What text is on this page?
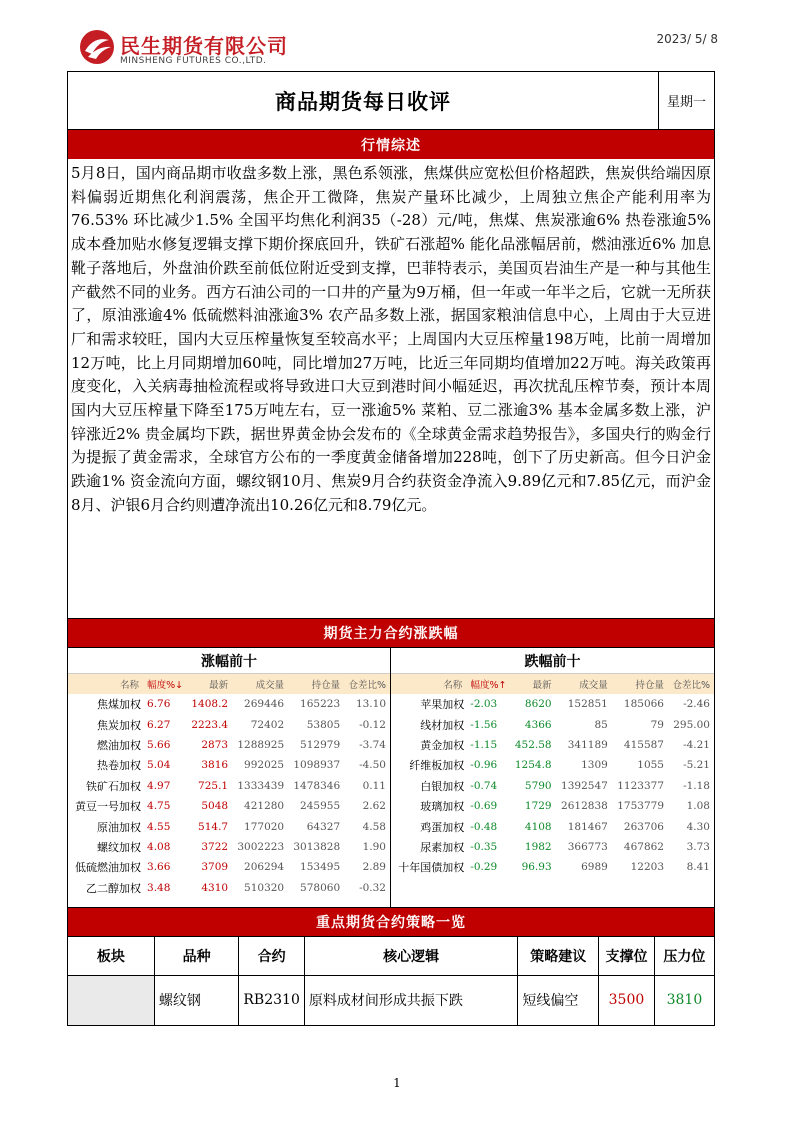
民生期货有限公司
MINSHENG FUTURES CO.,LTD.
2023/ 5/ 8
商品期货每日收评	星期一
行情综述
5月8日，国内商品期市收盘多数上涨，黑色系领涨，焦煤供应宽松但价格超跌，焦炭供给端因原料偏弱近期焦化利润震荡，焦企开工微降，焦炭产量环比减少，上周独立焦企产能利用率为76.53% 环比减少1.5% 全国平均焦化利润35（-28）元/吨，焦煤、焦炭涨逾6% 热卷涨逾5% 成本叠加贴水修复逻辑支撑下期价探底回升，铁矿石涨超% 能化品涨幅居前，燃油涨近6% 加息靴子落地后，外盘油价跌至前低位附近受到支撑，巴菲特表示，美国页岩油生产是一种与其他生产截然不同的业务。西方石油公司的一口井的产量为9万桶，但一年或一年半之后，它就一无所获了，原油涨逾4% 低硫燃料油涨逾3% 农产品多数上涨，据国家粮油信息中心，上周由于大豆进厂和需求较旺，国内大豆压榨量恢复至较高水平；上周国内大豆压榨量198万吨，比前一周增加12万吨，比上月同期增加60吨，同比增加27万吨，比近三年同期均值增加22万吨。海关政策再度变化，入关病毒抽检流程或将导致进口大豆到港时间小幅延迟，再次扰乱压榨节奏，预计本周国内大豆压榨量下降至175万吨左右，豆一涨逾5% 菜粕、豆二涨逾3% 基本金属多数上涨，沪锌涨近2% 贵金属均下跌，据世界黄金协会发布的《全球黄金需求趋势报告》，多国央行的购金行为提振了黄金需求，全球官方公布的一季度黄金储备增加228吨，创下了历史新高。但今日沪金跌逾1% 资金流向方面，螺纹钢10月、焦炭9月合约获资金净流入9.89亿元和7.85亿元，而沪金8月、沪银6月合约则遭净流出10.26亿元和8.79亿元。
期货主力合约涨跌幅
涨幅前十
名称	幅度%↓	最新	成交量	持仓量	仓差比%
焦煤加权	6.76	1408.2	269446	165223	13.10
焦炭加权	6.27	2223.4	72402	53805	-0.12
燃油加权	5.66	2873	1288925	512979	-3.74
热卷加权	5.04	3816	992025	1098937	-4.50
铁矿石加权	4.97	725.1	1333439	1478346	0.11
黄豆一号加权	4.75	5048	421280	245955	2.62
原油加权	4.55	514.7	177020	64327	4.58
螺纹加权	4.08	3722	3002223	3013828	1.90
低硫燃油加权	3.66	3709	206294	153495	2.89
乙二醇加权	3.48	4310	510320	578060	-0.32
跌幅前十
名称	幅度%↑	最新	成交量	持仓量	仓差比%
苹果加权	-2.03	8620	152851	185066	-2.46
线材加权	-1.56	4366	85	79	295.00
黄金加权	-1.15	452.58	341189	415587	-4.21
纤维板加权	-0.96	1254.8	1309	1055	-5.21
白银加权	-0.74	5790	1392547	1123377	-1.18
玻璃加权	-0.69	1729	2612838	1753779	1.08
鸡蛋加权	-0.48	4108	181467	263706	4.30
尿素加权	-0.35	1982	366773	467862	3.73
十年国债加权	-0.29	96.93	6989	12203	8.41
重点期货合约策略一览
板块	品种	合约	核心逻辑	策略建议	支撑位	压力位
	螺纹钢	RB2310	原料成材间形成共振下跌	短线偏空	3500	3810
1
